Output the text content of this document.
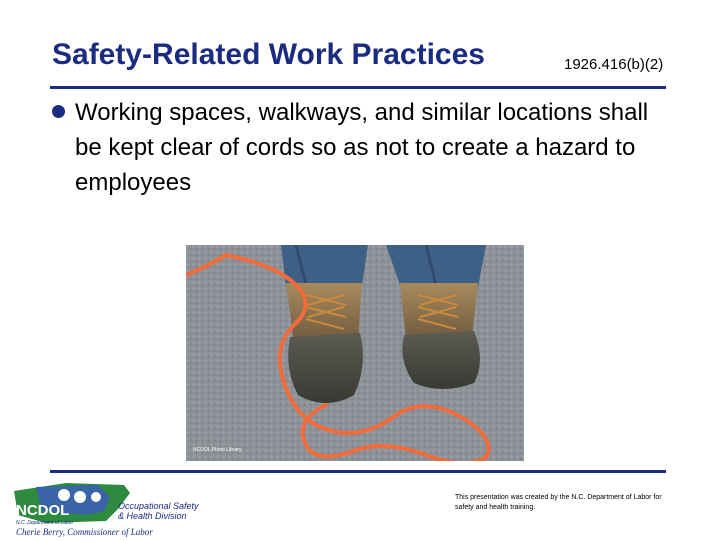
Safety-Related Work Practices	1926.416(b)(2)
Working spaces, walkways, and similar locations shall be kept clear of cords so as not to create a hazard to employees
NCDOL Photo Library
NCDOL
N.C. Department of Labor
Occupational Safety
& Health Division
Cherie Berry, Commissioner of Labor
This presentation was created by the N.C. Department of Labor for safety and health training.
